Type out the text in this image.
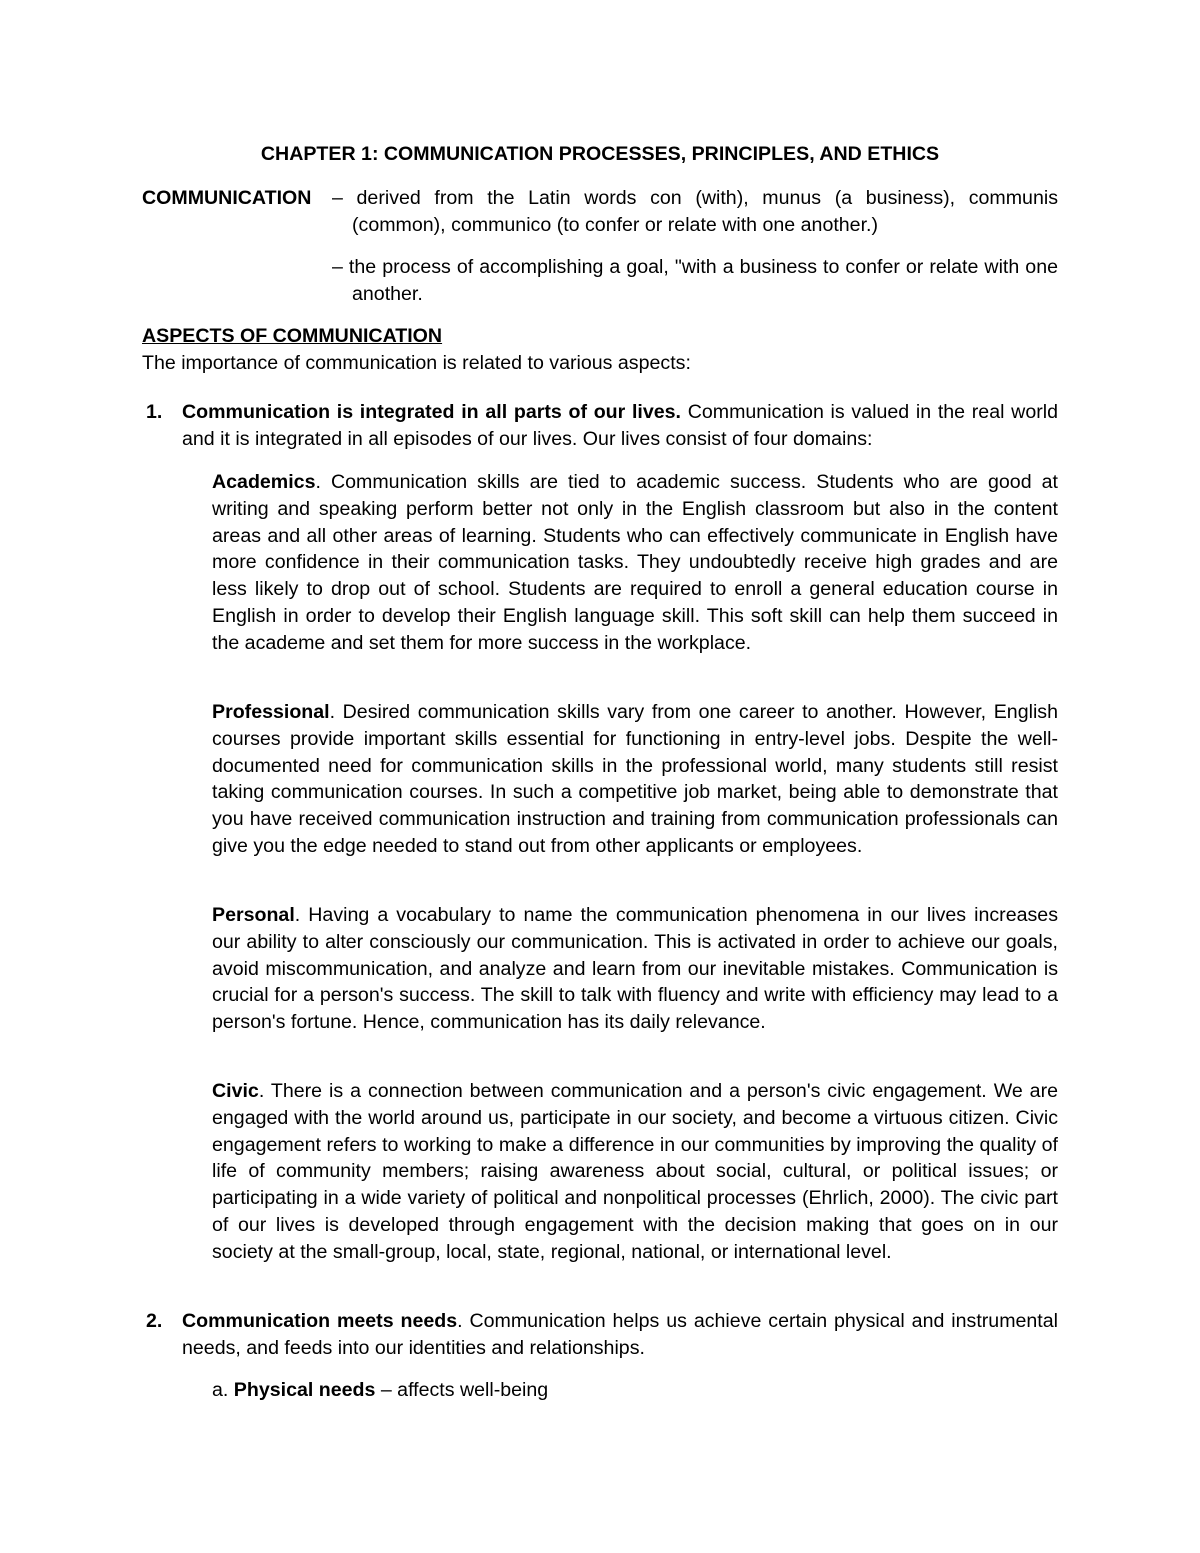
CHAPTER 1: COMMUNICATION PROCESSES, PRINCIPLES, AND ETHICS
COMMUNICATION – derived from the Latin words con (with), munus (a business), communis (common), communico (to confer or relate with one another.)
– the process of accomplishing a goal, "with a business to confer or relate with one another.
ASPECTS OF COMMUNICATION
The importance of communication is related to various aspects:
1. Communication is integrated in all parts of our lives. Communication is valued in the real world and it is integrated in all episodes of our lives. Our lives consist of four domains:
Academics. Communication skills are tied to academic success. Students who are good at writing and speaking perform better not only in the English classroom but also in the content areas and all other areas of learning. Students who can effectively communicate in English have more confidence in their communication tasks. They undoubtedly receive high grades and are less likely to drop out of school. Students are required to enroll a general education course in English in order to develop their English language skill. This soft skill can help them succeed in the academe and set them for more success in the workplace.
Professional. Desired communication skills vary from one career to another. However, English courses provide important skills essential for functioning in entry-level jobs. Despite the well-documented need for communication skills in the professional world, many students still resist taking communication courses. In such a competitive job market, being able to demonstrate that you have received communication instruction and training from communication professionals can give you the edge needed to stand out from other applicants or employees.
Personal. Having a vocabulary to name the communication phenomena in our lives increases our ability to alter consciously our communication. This is activated in order to achieve our goals, avoid miscommunication, and analyze and learn from our inevitable mistakes. Communication is crucial for a person's success. The skill to talk with fluency and write with efficiency may lead to a person's fortune. Hence, communication has its daily relevance.
Civic. There is a connection between communication and a person's civic engagement. We are engaged with the world around us, participate in our society, and become a virtuous citizen. Civic engagement refers to working to make a difference in our communities by improving the quality of life of community members; raising awareness about social, cultural, or political issues; or participating in a wide variety of political and nonpolitical processes (Ehrlich, 2000). The civic part of our lives is developed through engagement with the decision making that goes on in our society at the small-group, local, state, regional, national, or international level.
2. Communication meets needs. Communication helps us achieve certain physical and instrumental needs, and feeds into our identities and relationships.
a. Physical needs – affects well-being
